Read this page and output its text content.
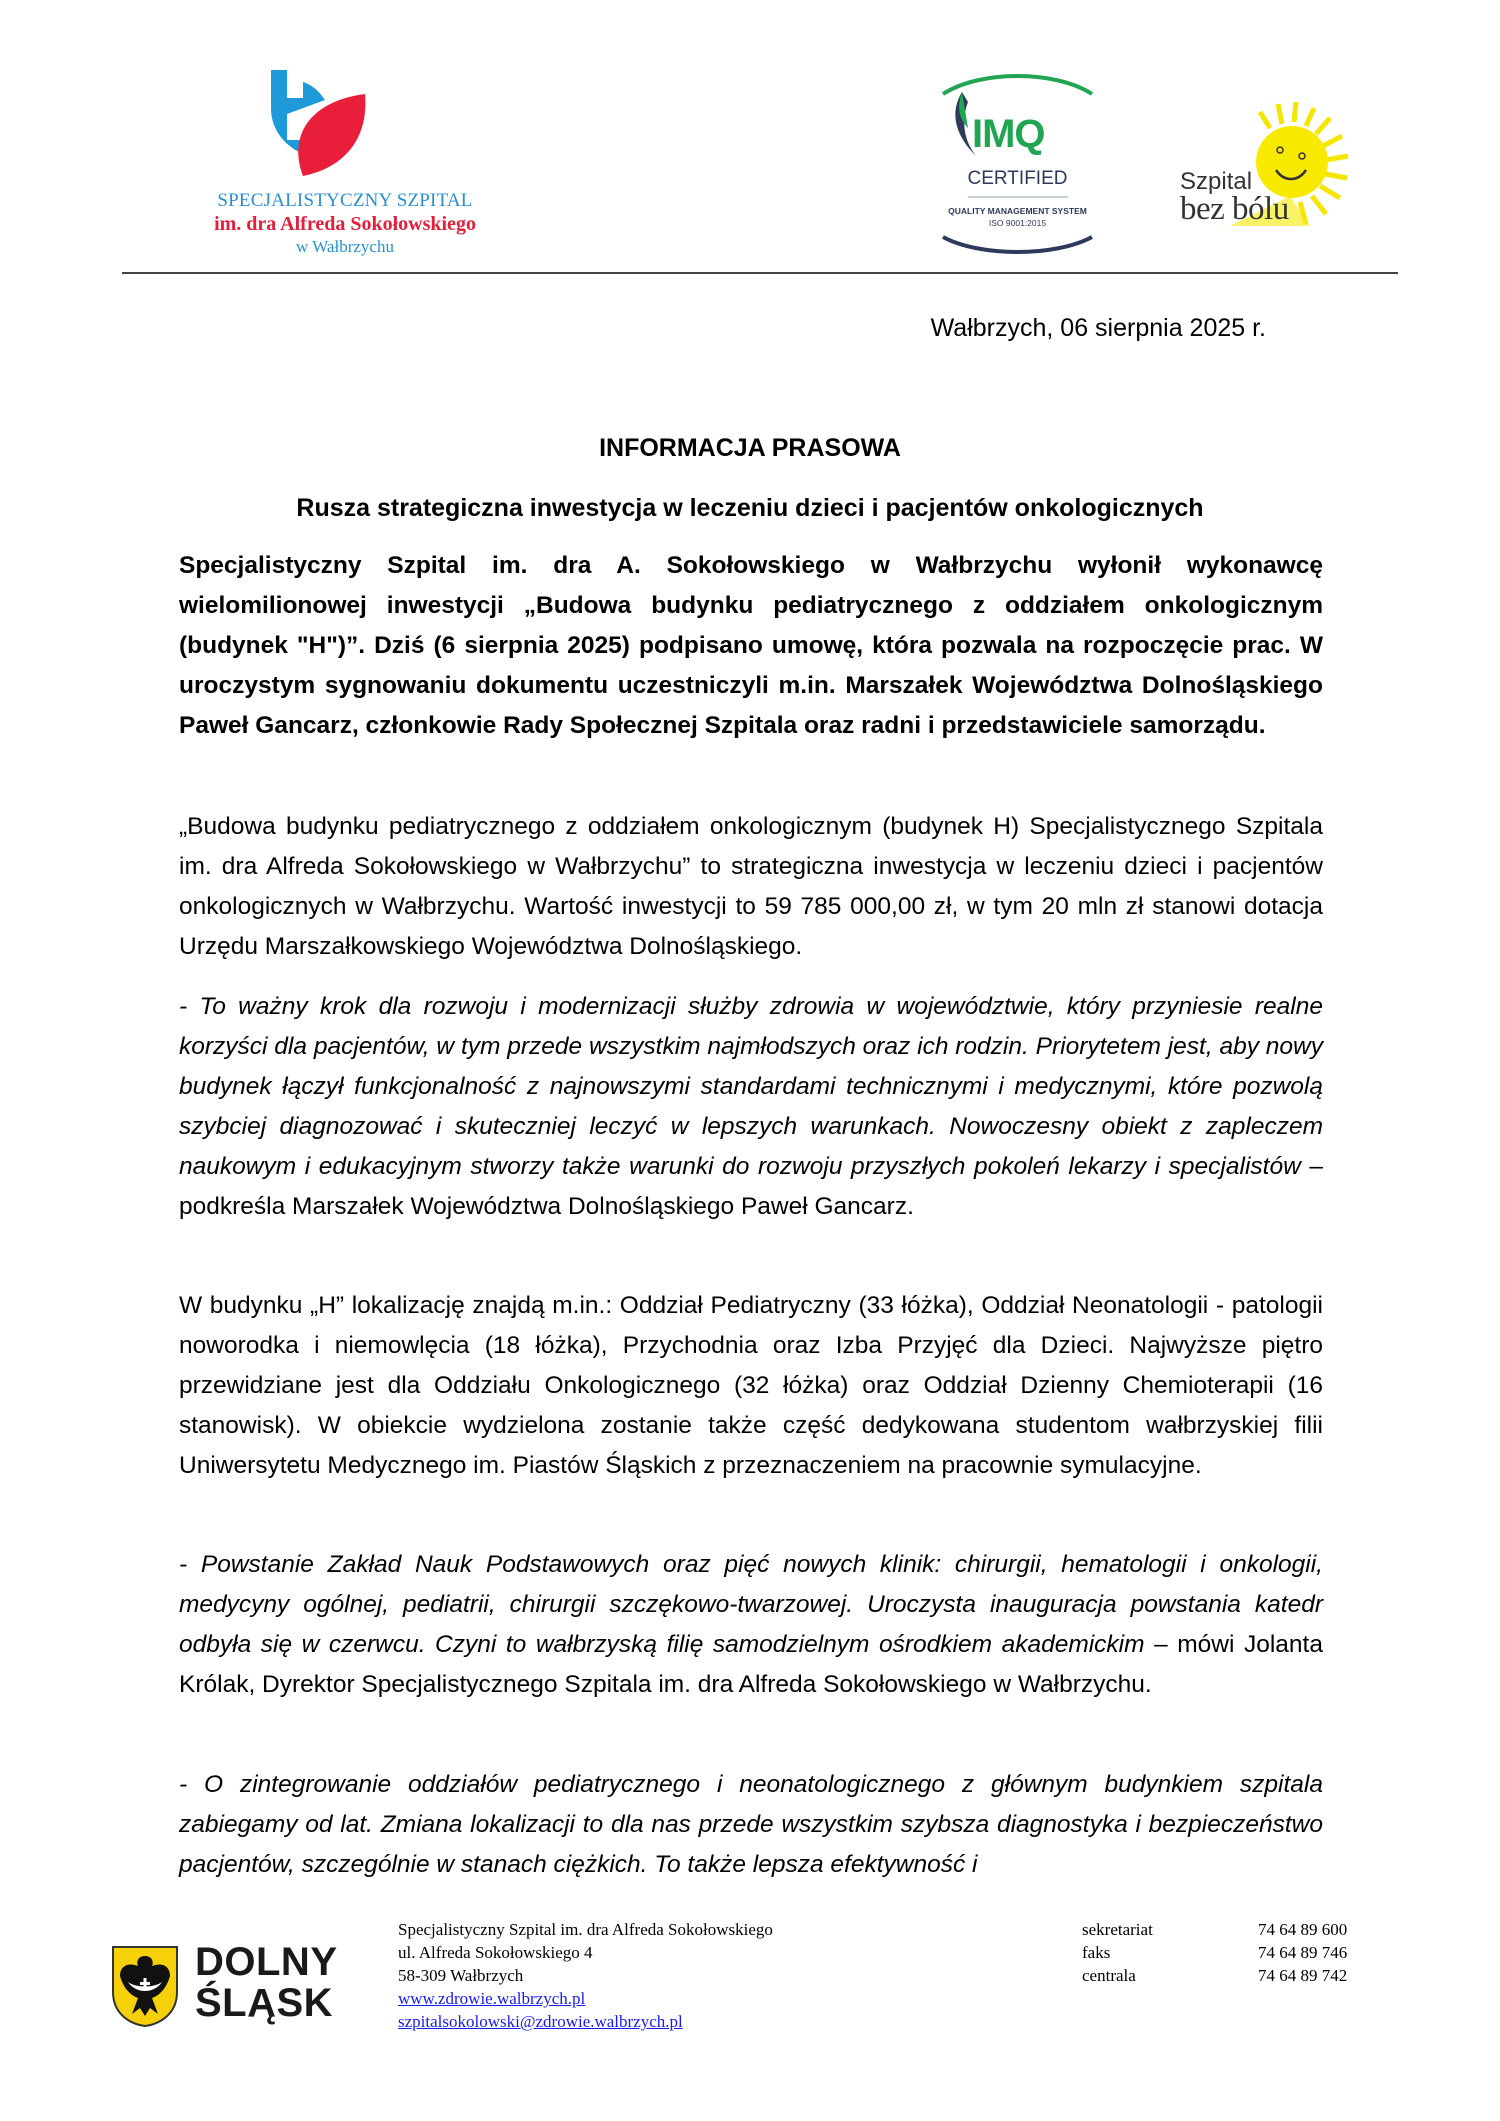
SPECJALISTYCZNY SZPITAL
im. dra Alfreda Sokołowskiego
w Wałbrzychu
IMQ
CERTIFIED
QUALITY MANAGEMENT SYSTEM
ISO 9001:2015
Szpital
bez bólu
Wałbrzych, 06 sierpnia 2025 r.
INFORMACJA PRASOWA
Rusza strategiczna inwestycja w leczeniu dzieci i pacjentów onkologicznych

Specjalistyczny Szpital im. dra A. Sokołowskiego w Wałbrzychu wyłonił wykonawcę wielomilionowej inwestycji „Budowa budynku pediatrycznego z oddziałem onkologicznym (budynek "H")”. Dziś (6 sierpnia 2025) podpisano umowę, która pozwala na rozpoczęcie prac. W uroczystym sygnowaniu dokumentu uczestniczyli m.in. Marszałek Województwa Dolnośląskiego Paweł Gancarz, członkowie Rady Społecznej Szpitala oraz radni i przedstawiciele samorządu.

„Budowa budynku pediatrycznego z oddziałem onkologicznym (budynek H) Specjalistycznego Szpitala im. dra Alfreda Sokołowskiego w Wałbrzychu” to strategiczna inwestycja w leczeniu dzieci i pacjentów onkologicznych w Wałbrzychu. Wartość inwestycji to 59 785 000,00 zł, w tym 20 mln zł stanowi dotacja Urzędu Marszałkowskiego Województwa Dolnośląskiego.

- To ważny krok dla rozwoju i modernizacji służby zdrowia w województwie, który przyniesie realne korzyści dla pacjentów, w tym przede wszystkim najmłodszych oraz ich rodzin. Priorytetem jest, aby nowy budynek łączył funkcjonalność z najnowszymi standardami technicznymi i medycznymi, które pozwolą szybciej diagnozować i skuteczniej leczyć w lepszych warunkach. Nowoczesny obiekt z zapleczem naukowym i edukacyjnym stworzy także warunki do rozwoju przyszłych pokoleń lekarzy i specjalistów – podkreśla Marszałek Województwa Dolnośląskiego Paweł Gancarz.

W budynku „H” lokalizację znajdą m.in.: Oddział Pediatryczny (33 łóżka), Oddział Neonatologii - patologii noworodka i niemowlęcia (18 łóżka), Przychodnia oraz Izba Przyjęć dla Dzieci. Najwyższe piętro przewidziane jest dla Oddziału Onkologicznego (32 łóżka) oraz Oddział Dzienny Chemioterapii (16 stanowisk). W obiekcie wydzielona zostanie także część dedykowana studentom wałbrzyskiej filii Uniwersytetu Medycznego im. Piastów Śląskich z przeznaczeniem na pracownie symulacyjne.

- Powstanie Zakład Nauk Podstawowych oraz pięć nowych klinik: chirurgii, hematologii i onkologii, medycyny ogólnej, pediatrii, chirurgii szczękowo-twarzowej. Uroczysta inauguracja powstania katedr odbyła się w czerwcu. Czyni to wałbrzyską filię samodzielnym ośrodkiem akademickim – mówi Jolanta Królak, Dyrektor Specjalistycznego Szpitala im. dra Alfreda Sokołowskiego w Wałbrzychu.

- O zintegrowanie oddziałów pediatrycznego i neonatologicznego z głównym budynkiem szpitala zabiegamy od lat. Zmiana lokalizacji to dla nas przede wszystkim szybsza diagnostyka i bezpieczeństwo pacjentów, szczególnie w stanach ciężkich. To także lepsza efektywność i

DOLNY
ŚLĄSK
Specjalistyczny Szpital im. dra Alfreda Sokołowskiego
ul. Alfreda Sokołowskiego 4
58-309 Wałbrzych
www.zdrowie.walbrzych.pl
szpitalsokolowski@zdrowie.walbrzych.pl
sekretariat	74 64 89 600
faks	74 64 89 746
centrala	74 64 89 742
